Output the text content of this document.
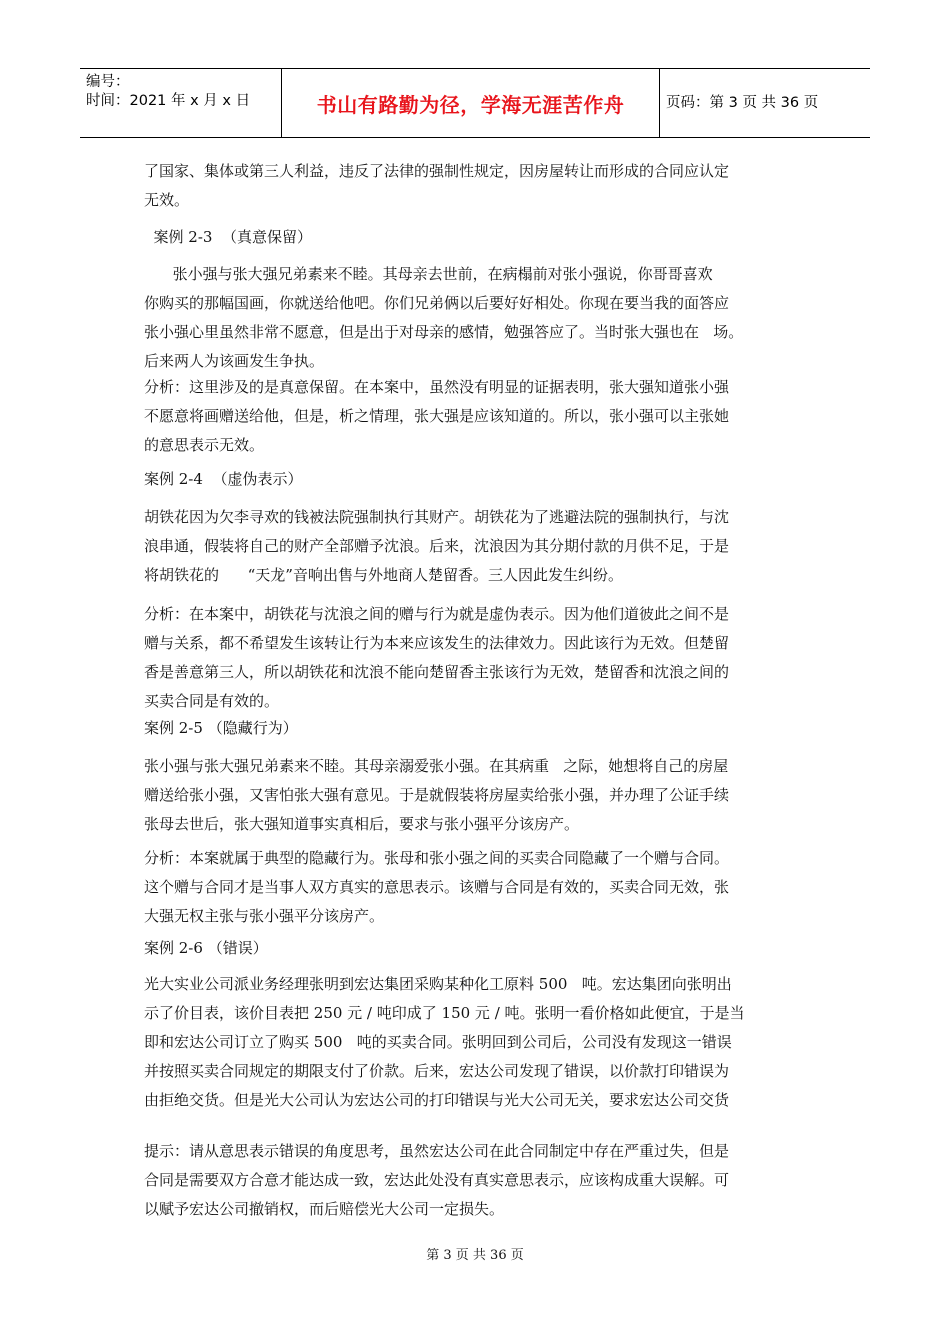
编号：
时间：2021 年 x 月 x 日	书山有路勤为径，学海无涯苦作舟	页码：第 3 页 共 36 页
了国家、集体或第三人利益，违反了法律的强制性规定，因房屋转让而形成的合同应认定
无效。
案例 2-3  （真意保留）
张小强与张大强兄弟素来不睦。其母亲去世前，在病榻前对张小强说，你哥哥喜欢
你购买的那幅国画，你就送给他吧。你们兄弟俩以后要好好相处。你现在要当我的面答应
张小强心里虽然非常不愿意，但是出于对母亲的感情，勉强答应了。当时张大强也在   场。
后来两人为该画发生争执。
分析：这里涉及的是真意保留。在本案中，虽然没有明显的证据表明，张大强知道张小强
不愿意将画赠送给他，但是，析之情理，张大强是应该知道的。所以，张小强可以主张她
的意思表示无效。
案例 2-4  （虚伪表示）
胡铁花因为欠李寻欢的钱被法院强制执行其财产。胡铁花为了逃避法院的强制执行，与沈
浪串通，假装将自己的财产全部赠予沈浪。后来，沈浪因为其分期付款的月供不足，于是
将胡铁花的      “天龙”音响出售与外地商人楚留香。三人因此发生纠纷。
分析：在本案中，胡铁花与沈浪之间的赠与行为就是虚伪表示。因为他们道彼此之间不是
赠与关系，都不希望发生该转让行为本来应该发生的法律效力。因此该行为无效。但楚留
香是善意第三人，所以胡铁花和沈浪不能向楚留香主张该行为无效，楚留香和沈浪之间的
买卖合同是有效的。
案例 2-5 （隐藏行为）
张小强与张大强兄弟素来不睦。其母亲溺爱张小强。在其病重   之际，她想将自己的房屋
赠送给张小强，又害怕张大强有意见。于是就假装将房屋卖给张小强，并办理了公证手续
张母去世后，张大强知道事实真相后，要求与张小强平分该房产。
分析：本案就属于典型的隐藏行为。张母和张小强之间的买卖合同隐藏了一个赠与合同。
这个赠与合同才是当事人双方真实的意思表示。该赠与合同是有效的，买卖合同无效，张
大强无权主张与张小强平分该房产。
案例 2-6 （错误）
光大实业公司派业务经理张明到宏达集团采购某种化工原料 500   吨。宏达集团向张明出
示了价目表，该价目表把 250 元 / 吨印成了 150 元 / 吨。张明一看价格如此便宜，于是当
即和宏达公司订立了购买 500   吨的买卖合同。张明回到公司后，公司没有发现这一错误
并按照买卖合同规定的期限支付了价款。后来，宏达公司发现了错误，以价款打印错误为
由拒绝交货。但是光大公司认为宏达公司的打印错误与光大公司无关，要求宏达公司交货
提示：请从意思表示错误的角度思考，虽然宏达公司在此合同制定中存在严重过失，但是
合同是需要双方合意才能达成一致，宏达此处没有真实意思表示，应该构成重大误解。可
以赋予宏达公司撤销权，而后赔偿光大公司一定损失。
第 3 页 共 36 页
